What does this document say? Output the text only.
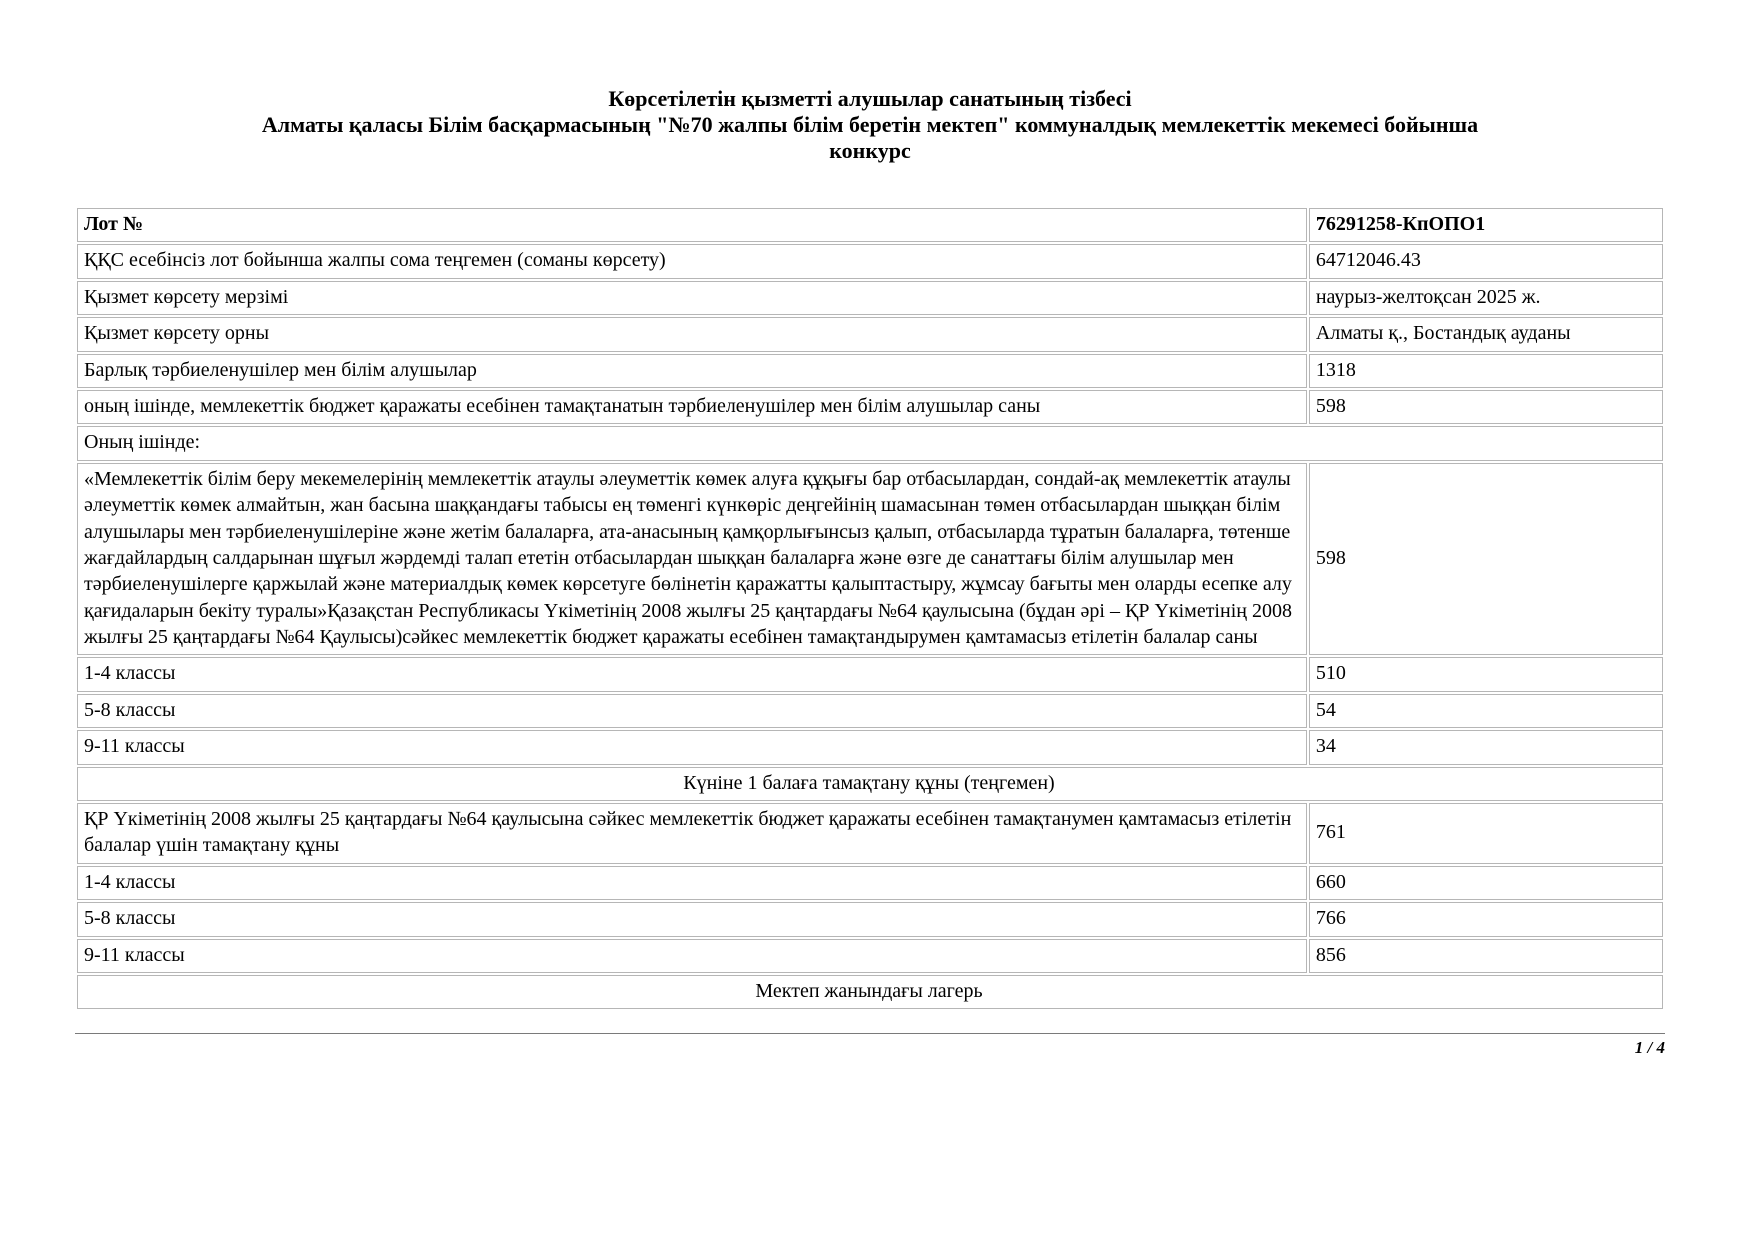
Көрсетілетін қызметті алушылар санатының тізбесі
Алматы қаласы Білім басқармасының "№70 жалпы білім беретін мектеп" коммуналдық мемлекеттік мекемесі бойынша
конкурс
Лот №	76291258-КпОПО1
ҚҚС есебінсіз лот бойынша жалпы сома теңгемен (соманы көрсету)	64712046.43
Қызмет көрсету мерзімі	наурыз-желтоқсан 2025 ж.
Қызмет көрсету орны	Алматы қ., Бостандық ауданы
Барлық тәрбиеленушілер мен білім алушылар	1318
оның ішінде, мемлекеттік бюджет қаражаты есебінен тамақтанатын тәрбиеленушілер мен білім алушылар саны	598
Оның ішінде:	
«Мемлекеттік білім беру мекемелерінің мемлекеттік атаулы әлеуметтік көмек алуға құқығы бар отбасылардан, сондай-ақ мемлекеттік атаулы әлеуметтік көмек алмайтын, жан басына шаққандағы табысы ең төменгі күнкөріс деңгейінің шамасынан төмен отбасылардан шыққан білім алушылары мен тәрбиеленушілеріне және жетім балаларға, ата-анасының қамқорлығынсыз қалып, отбасыларда тұратын балаларға, төтенше жағдайлардың салдарынан шұғыл жәрдемді талап ететін отбасылардан шыққан балаларға және өзге де санаттағы білім алушылар мен тәрбиеленушілерге қаржылай және материалдық көмек көрсетуге бөлінетін қаражатты қалыптастыру, жұмсау бағыты мен оларды есепке алу қағидаларын бекіту туралы»Қазақстан Республикасы Үкіметінің 2008 жылғы 25 қаңтардағы №64 қаулысына (бұдан әрі – ҚР Үкіметінің 2008 жылғы 25 қаңтардағы №64 Қаулысы)сәйкес мемлекеттік бюджет қаражаты есебінен тамақтандырумен қамтамасыз етілетін балалар саны	598
1-4 классы	510
5-8 классы	54
9-11 классы	34
Күніне 1 балаға тамақтану құны (теңгемен)	
ҚР Үкіметінің 2008 жылғы 25 қаңтардағы №64 қаулысына сәйкес мемлекеттік бюджет қаражаты есебінен тамақтанумен қамтамасыз етілетін балалар үшін тамақтану құны	761
1-4 классы	660
5-8 классы	766
9-11 классы	856
Мектеп жанындағы лагерь	
1 / 4
